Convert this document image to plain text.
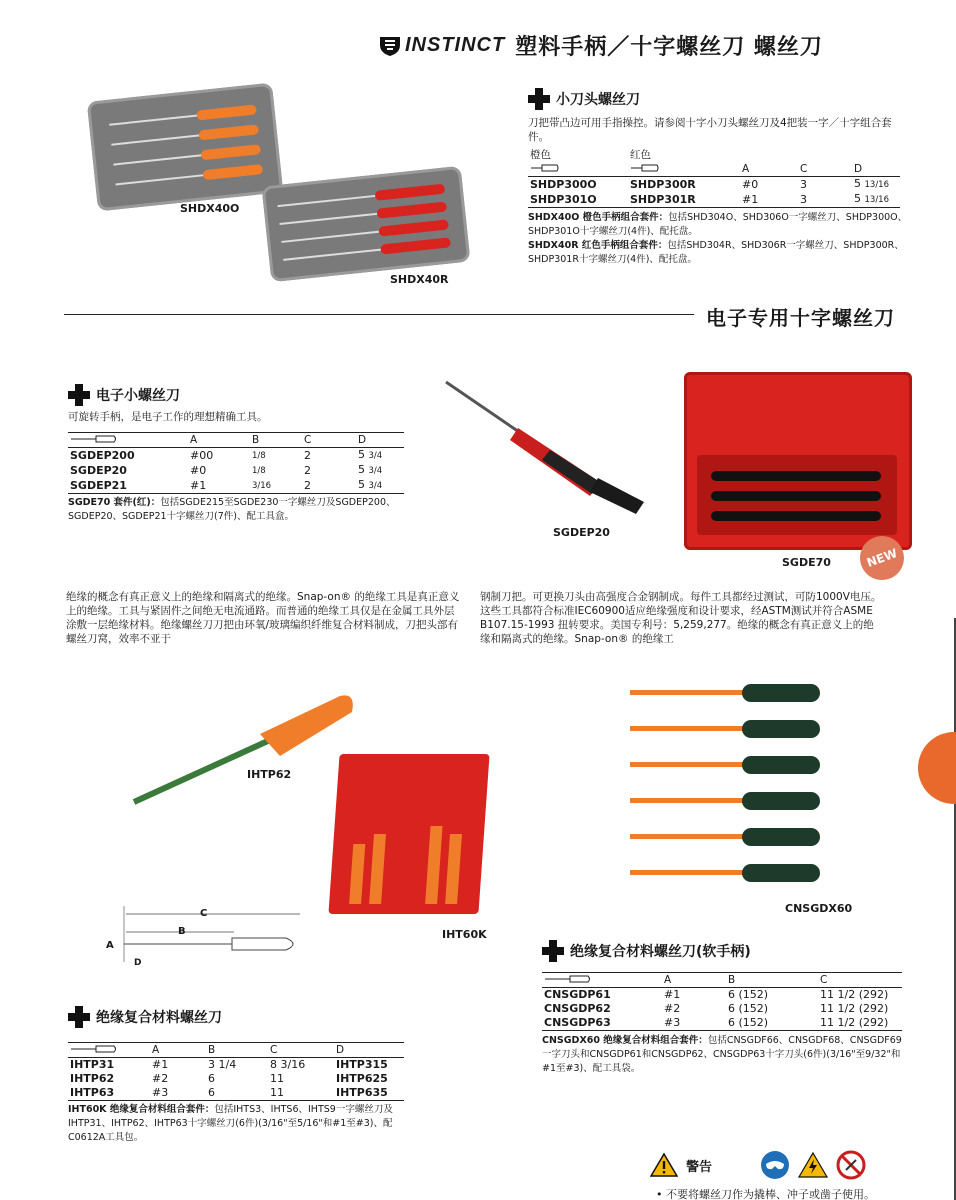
INSTINCT 塑料手柄／十字螺丝刀 螺丝刀
SHDX40O
SHDX40R
小刀头螺丝刀
刀把带凸边可用手指操控。请参阅十字小刀头螺丝刀及4把装一字／十字组合套件。
橙色	红色			
		A	C	D
SHDP300O	SHDP300R	#0	3	5 13/16
SHDP301O	SHDP301R	#1	3	5 13/16
SHDX40O 橙色手柄组合套件：包括SHD304O、SHD306O一字螺丝刀、SHDP300O、SHDP301O十字螺丝刀(4件)、配托盘。
SHDX40R 红色手柄组合套件：包括SHD304R、SHD306R一字螺丝刀、SHDP300R、SHDP301R十字螺丝刀(4件)、配托盘。
电子专用十字螺丝刀
电子小螺丝刀
可旋转手柄，是电子工作的理想精确工具。
	A	B	C	D
SGDEP200	#00	1/8	2	5 3/4
SGDEP20	#0	1/8	2	5 3/4
SGDEP21	#1	3/16	2	5 3/4
SGDE70 套件(红)：包括SGDE215至SGDE230一字螺丝刀及SGDEP200、SGDEP20、SGDEP21十字螺丝刀(7件)、配工具盒。
SGDEP20
NEW
SGDE70
绝缘的概念有真正意义上的绝缘和隔离式的绝缘。Snap-on® 的绝缘工具是真正意义上的绝缘。工具与紧固件之间绝无电流通路。而普通的绝缘工具仅是在金属工具外层涂敷一层绝缘材料。绝缘螺丝刀刀把由环氧/玻璃编织纤维复合材料制成，刀把头部有螺丝刀窝，效率不亚于
钢制刀把。可更换刀头由高强度合金钢制成。每件工具都经过测试，可防1000V电压。这些工具都符合标准IEC60900适应绝缘强度和设计要求，经ASTM测试并符合ASME B107.15-1993 扭转要求。美国专利号：5,259,277。绝缘的概念有真正意义上的绝缘和隔离式的绝缘。Snap-on® 的绝缘工
IHTP62
IHT60K
C
B
A
D
绝缘复合材料螺丝刀
	A	B	C	D
IHTP31	#1	3 1/4	8 3/16	IHTP315
IHTP62	#2	6	11	IHTP625
IHTP63	#3	6	11	IHTP635
IHT60K 绝缘复合材料组合套件：包括IHTS3、IHTS6、IHTS9一字螺丝刀及IHTP31、IHTP62、IHTP63十字螺丝刀(6件)(3/16"至5/16"和#1至#3)、配C0612A工具包。
CNSGDX60
绝缘复合材料螺丝刀(软手柄)
	A	B	C
CNSGDP61	#1	6 (152)	11 1/2 (292)
CNSGDP62	#2	6 (152)	11 1/2 (292)
CNSGDP63	#3	6 (152)	11 1/2 (292)
CNSGDX60 绝缘复合材料组合套件：包括CNSGDF66、CNSGDF68、CNSGDF69一字刀头和CNSGDP61和CNSGDP62、CNSGDP63十字刀头(6件)(3/16"至9/32"和#1至#3)、配工具袋。
警告
• 不要将螺丝刀作为撬棒、冲子或凿子使用。
